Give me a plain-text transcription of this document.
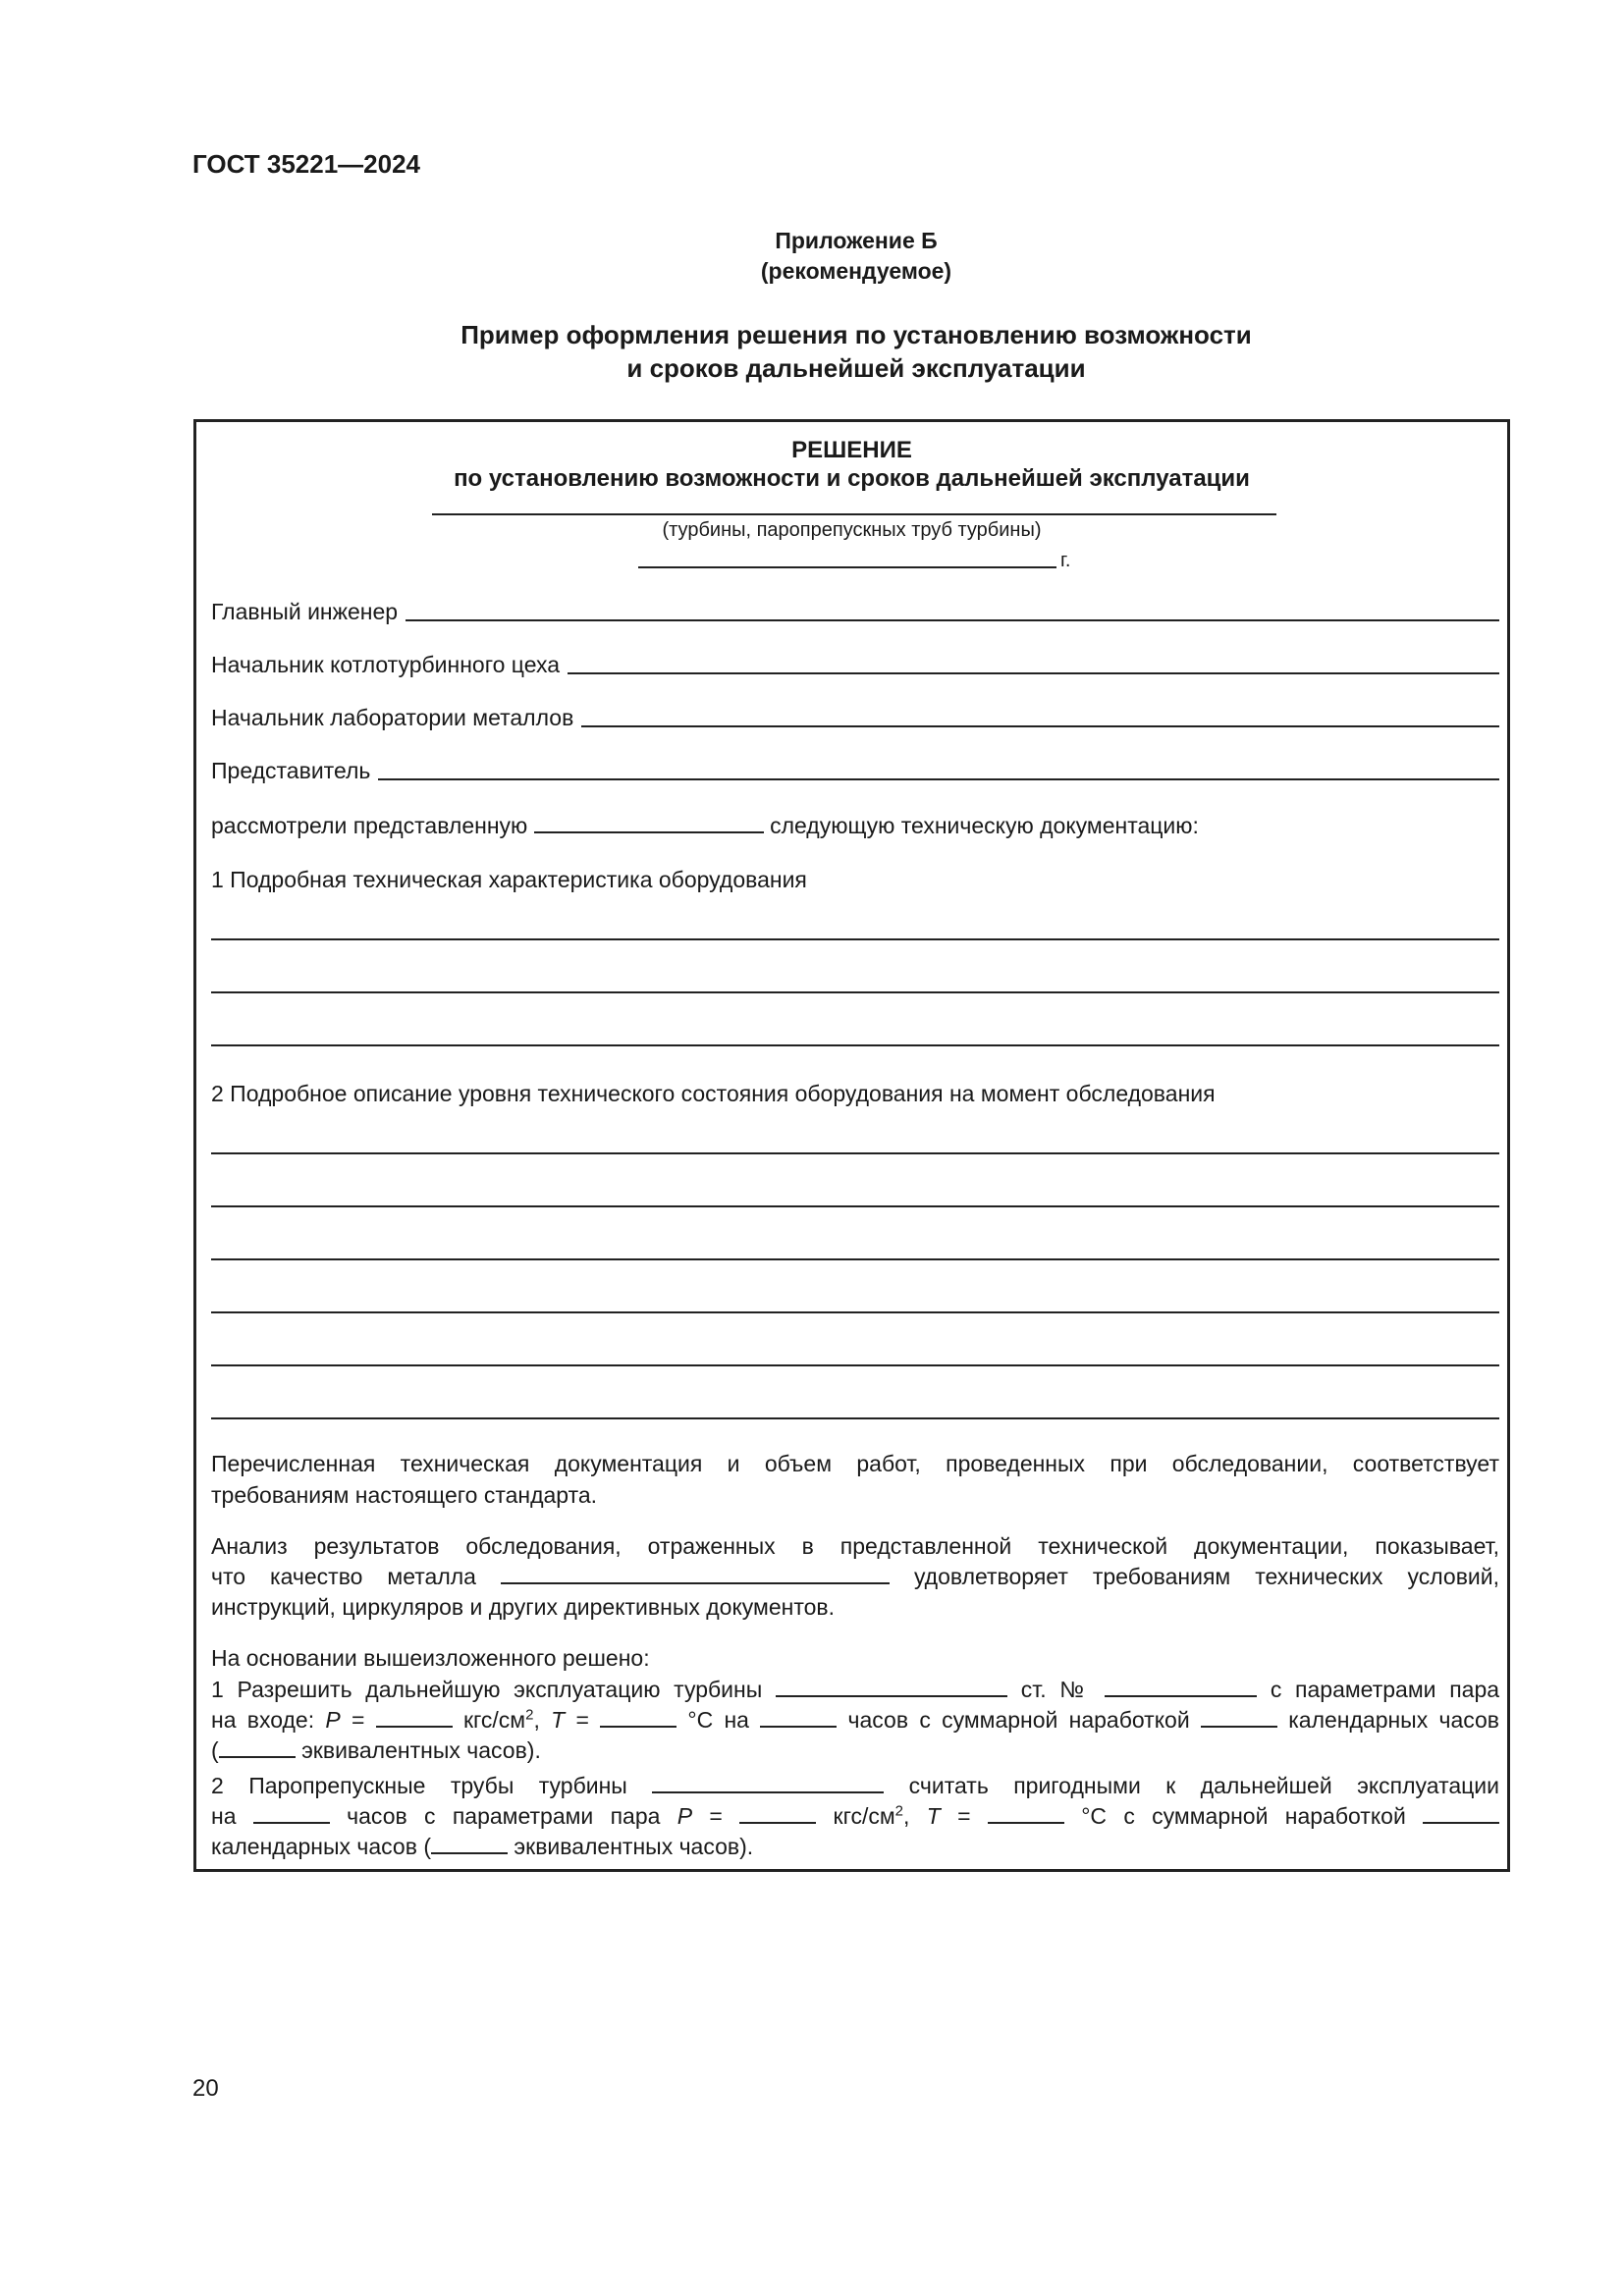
ГОСТ 35221—2024
Приложение Б
(рекомендуемое)
Пример оформления решения по установлению возможности
и сроков дальнейшей эксплуатации
РЕШЕНИЕ
по установлению возможности и сроков дальнейшей эксплуатации
(турбины, паропрепускных труб турбины)
г.
Главный инженер
Начальник котлотурбинного цеха
Начальник лаборатории металлов
Представитель
рассмотрели представленную	следующую техническую документацию:
1 Подробная техническая характеристика оборудования
2 Подробное описание уровня технического состояния оборудования на момент обследования
Перечисленная техническая документация и объем работ, проведенных при обследовании, соответствует
требованиям настоящего стандарта.
Анализ результатов обследования, отраженных в представленной технической документации, показывает,
что качество металла	удовлетворяет требованиям технических условий,
инструкций, циркуляров и других директивных документов.
На основании вышеизложенного решено:
1 Разрешить дальнейшую эксплуатацию турбины	ст. №	с параметрами пара
на входе: P =	кгс/$см^2$, T =	°С на	часов с суммарной наработкой	календарных часов
(	эквивалентных часов).
2 Паропрепускные трубы турбины	считать пригодными к дальнейшей эксплуатации
на	часов с параметрами пара P =	кгс/$см^2$, T =	°С с суммарной наработкой
календарных часов (	эквивалентных часов).
20
